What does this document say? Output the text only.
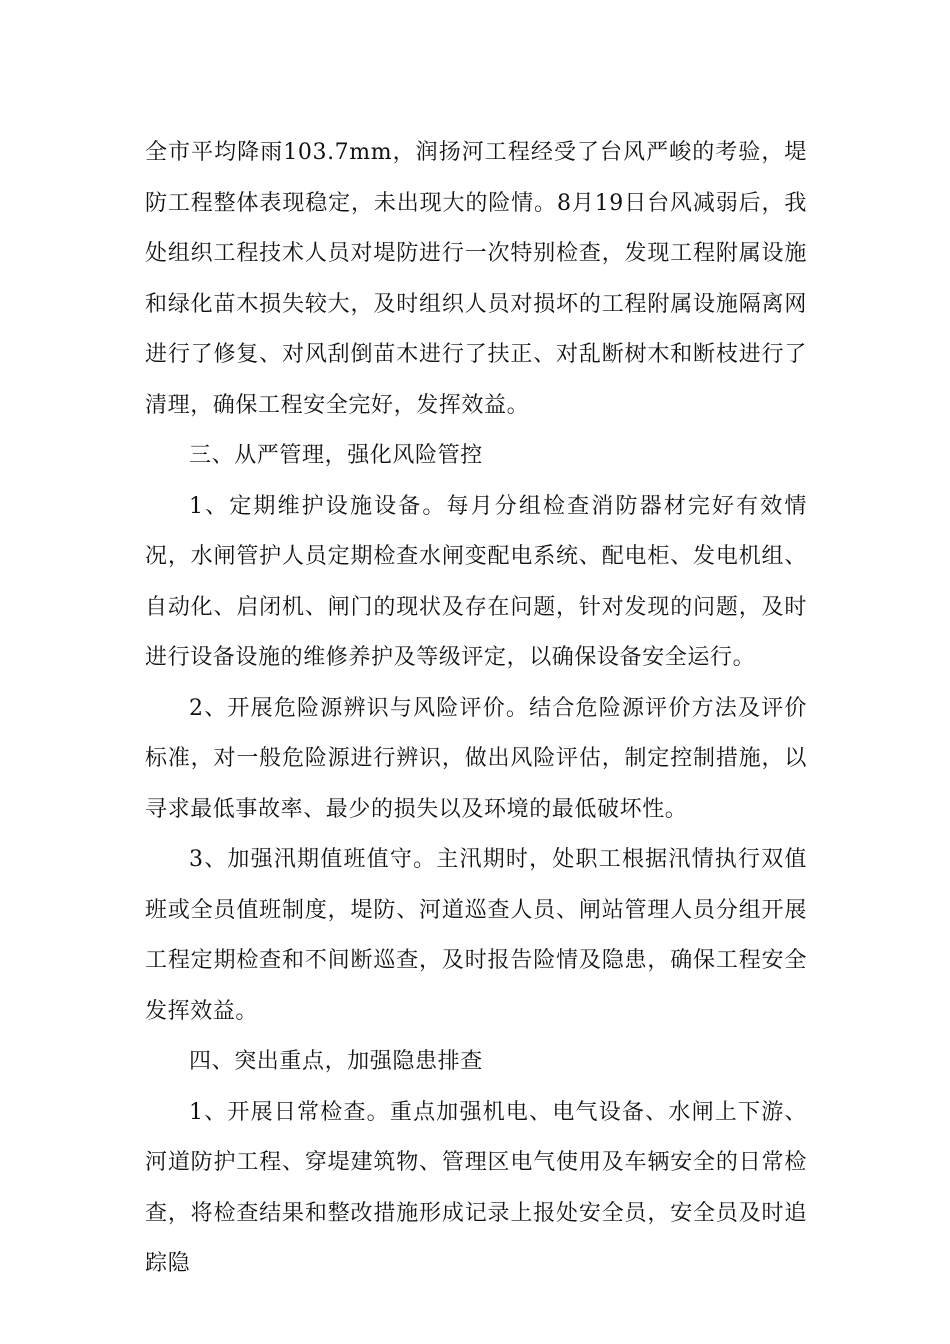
全市平均降雨103.7mm，润扬河工程经受了台风严峻的考验，堤防工程整体表现稳定，未出现大的险情。8月19日台风减弱后，我处组织工程技术人员对堤防进行一次特别检查，发现工程附属设施和绿化苗木损失较大，及时组织人员对损坏的工程附属设施隔离网进行了修复、对风刮倒苗木进行了扶正、对乱断树木和断枝进行了清理，确保工程安全完好，发挥效益。

三、从严管理，强化风险管控

1、定期维护设施设备。每月分组检查消防器材完好有效情况，水闸管护人员定期检查水闸变配电系统、配电柜、发电机组、自动化、启闭机、闸门的现状及存在问题，针对发现的问题，及时进行设备设施的维修养护及等级评定，以确保设备安全运行。

2、开展危险源辨识与风险评价。结合危险源评价方法及评价标准，对一般危险源进行辨识，做出风险评估，制定控制措施，以寻求最低事故率、最少的损失以及环境的最低破坏性。

3、加强汛期值班值守。主汛期时，处职工根据汛情执行双值班或全员值班制度，堤防、河道巡查人员、闸站管理人员分组开展工程定期检查和不间断巡查，及时报告险情及隐患，确保工程安全发挥效益。

四、突出重点，加强隐患排查

1、开展日常检查。重点加强机电、电气设备、水闸上下游、河道防护工程、穿堤建筑物、管理区电气使用及车辆安全的日常检查，将检查结果和整改措施形成记录上报处安全员，安全员及时追踪隐
